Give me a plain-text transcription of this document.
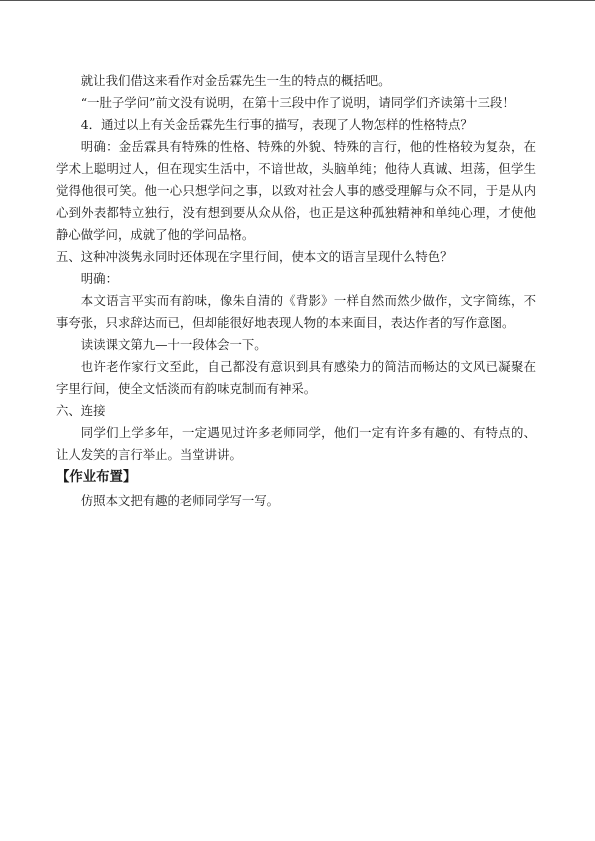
就让我们借这来看作对金岳霖先生一生的特点的概括吧。

“一肚子学问”前文没有说明，在第十三段中作了说明，请同学们齐读第十三段！

4．通过以上有关金岳霖先生行事的描写，表现了人物怎样的性格特点？

明确：金岳霖具有特殊的性格、特殊的外貌、特殊的言行，他的性格较为复杂，在学术上聪明过人，但在现实生活中，不谙世故，头脑单纯；他待人真诚、坦荡，但学生觉得他很可笑。他一心只想学问之事，以致对社会人事的感受理解与众不同，于是从内心到外表都特立独行，没有想到要从众从俗，也正是这种孤独精神和单纯心理，才使他静心做学问，成就了他的学问品格。

五、这种冲淡隽永同时还体现在字里行间，使本文的语言呈现什么特色？

明确：

本文语言平实而有韵味，像朱自清的《背影》一样自然而然少做作，文字简练，不事夸张，只求辞达而已，但却能很好地表现人物的本来面目，表达作者的写作意图。

读读课文第九—十一段体会一下。

也许老作家行文至此，自己都没有意识到具有感染力的简洁而畅达的文风已凝聚在字里行间，使全文恬淡而有韵味克制而有神采。

六、连接

同学们上学多年，一定遇见过许多老师同学，他们一定有许多有趣的、有特点的、让人发笑的言行举止。当堂讲讲。

【作业布置】

仿照本文把有趣的老师同学写一写。
